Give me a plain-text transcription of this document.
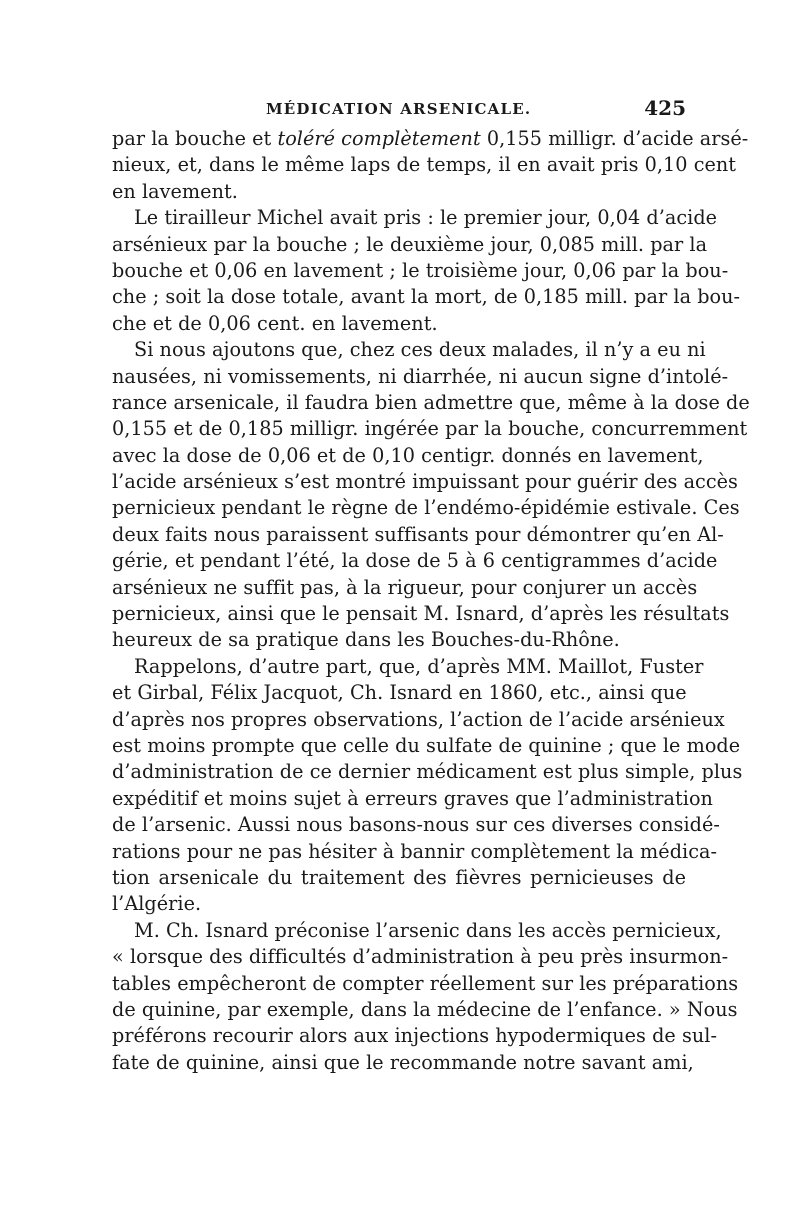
MÉDICATION ARSENICALE.	425
par la bouche et toléré complètement 0,155 milligr. d’acide arsé-
nieux, et, dans le même laps de temps, il en avait pris 0,10 cent
en lavement.
Le tirailleur Michel avait pris : le premier jour, 0,04 d’acide
arsénieux par la bouche ; le deuxième jour, 0,085 mill. par la
bouche et 0,06 en lavement ; le troisième jour, 0,06 par la bou-
che ; soit la dose totale, avant la mort, de 0,185 mill. par la bou-
che et de 0,06 cent. en lavement.
Si nous ajoutons que, chez ces deux malades, il n’y a eu ni
nausées, ni vomissements, ni diarrhée, ni aucun signe d’intolé-
rance arsenicale, il faudra bien admettre que, même à la dose de
0,155 et de 0,185 milligr. ingérée par la bouche, concurremment
avec la dose de 0,06 et de 0,10 centigr. donnés en lavement,
l’acide arsénieux s’est montré impuissant pour guérir des accès
pernicieux pendant le règne de l’endémo-épidémie estivale. Ces
deux faits nous paraissent suffisants pour démontrer qu’en Al-
gérie, et pendant l’été, la dose de 5 à 6 centigrammes d’acide
arsénieux ne suffit pas, à la rigueur, pour conjurer un accès
pernicieux, ainsi que le pensait M. Isnard, d’après les résultats
heureux de sa pratique dans les Bouches-du-Rhône.
Rappelons, d’autre part, que, d’après MM. Maillot, Fuster
et Girbal, Félix Jacquot, Ch. Isnard en 1860, etc., ainsi que
d’après nos propres observations, l’action de l’acide arsénieux
est moins prompte que celle du sulfate de quinine ; que le mode
d’administration de ce dernier médicament est plus simple, plus
expéditif et moins sujet à erreurs graves que l’administration
de l’arsenic. Aussi nous basons-nous sur ces diverses considé-
rations pour ne pas hésiter à bannir complètement la médica-
tion arsenicale du traitement des fièvres pernicieuses de
l’Algérie.
M. Ch. Isnard préconise l’arsenic dans les accès pernicieux,
« lorsque des difficultés d’administration à peu près insurmon-
tables empêcheront de compter réellement sur les préparations
de quinine, par exemple, dans la médecine de l’enfance. » Nous
préférons recourir alors aux injections hypodermiques de sul-
fate de quinine, ainsi que le recommande notre savant ami,
